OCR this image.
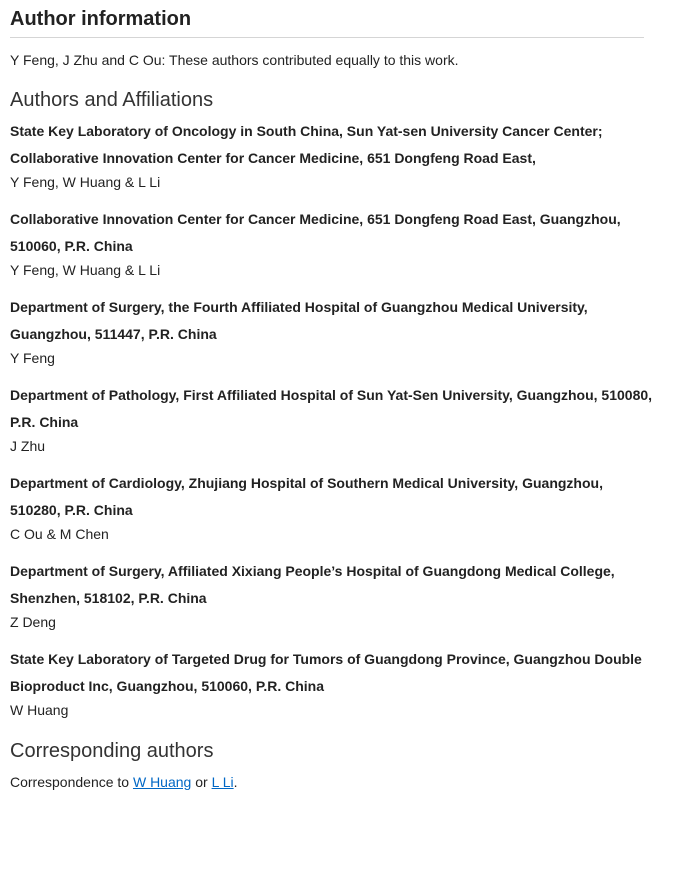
Author information
Y Feng, J Zhu and C Ou: These authors contributed equally to this work.
Authors and Affiliations
State Key Laboratory of Oncology in South China, Sun Yat-sen University Cancer Center; Collaborative Innovation Center for Cancer Medicine, 651 Dongfeng Road East,
Y Feng, W Huang & L Li
Collaborative Innovation Center for Cancer Medicine, 651 Dongfeng Road East, Guangzhou, 510060, P.R. China
Y Feng, W Huang & L Li
Department of Surgery, the Fourth Affiliated Hospital of Guangzhou Medical University, Guangzhou, 511447, P.R. China
Y Feng
Department of Pathology, First Affiliated Hospital of Sun Yat-Sen University, Guangzhou, 510080, P.R. China
J Zhu
Department of Cardiology, Zhujiang Hospital of Southern Medical University, Guangzhou, 510280, P.R. China
C Ou & M Chen
Department of Surgery, Affiliated Xixiang People’s Hospital of Guangdong Medical College, Shenzhen, 518102, P.R. China
Z Deng
State Key Laboratory of Targeted Drug for Tumors of Guangdong Province, Guangzhou Double Bioproduct Inc, Guangzhou, 510060, P.R. China
W Huang
Corresponding authors
Correspondence to W Huang or L Li.
